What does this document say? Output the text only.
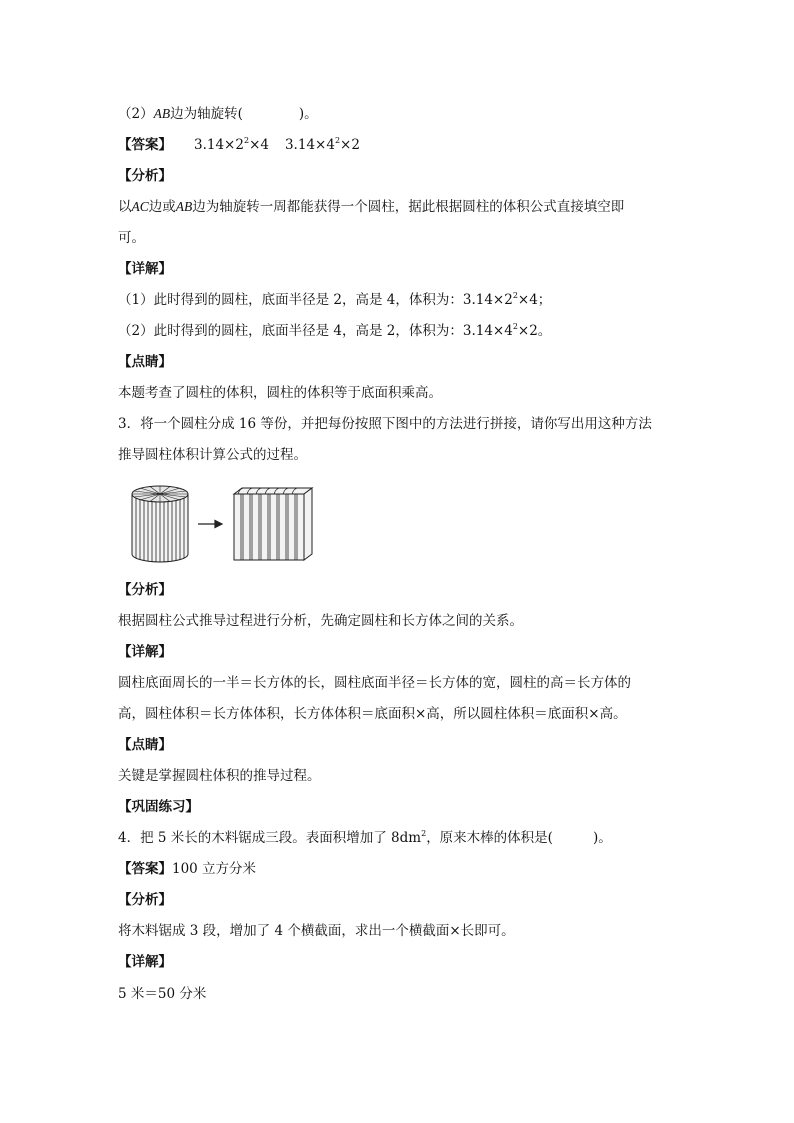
（2）AB边为轴旋转(	)。
【答案】 $3.14\times 2^2\times 4$ $3.14\times 4^2\times 2$
【分析】
以AC边或AB边为轴旋转一周都能获得一个圆柱，据此根据圆柱的体积公式直接填空即
可。
【详解】
（1）此时得到的圆柱，底面半径是 2，高是 4，体积为：$3.14\times 2^2\times 4$；
（2）此时得到的圆柱，底面半径是 4，高是 2，体积为：$3.14\times 4^2\times 2$。
【点睛】
本题考查了圆柱的体积，圆柱的体积等于底面积乘高。
3．将一个圆柱分成 16 等份，并把每份按照下图中的方法进行拼接，请你写出用这种方法
推导圆柱体积计算公式的过程。
【分析】
根据圆柱公式推导过程进行分析，先确定圆柱和长方体之间的关系。
【详解】
圆柱底面周长的一半＝长方体的长，圆柱底面半径＝长方体的宽，圆柱的高＝长方体的
高，圆柱体积＝长方体体积，长方体体积＝底面积×高，所以圆柱体积＝底面积×高。
【点睛】
关键是掌握圆柱体积的推导过程。
【巩固练习】
4．把 5 米长的木料锯成三段。表面积增加了 $8dm^2$，原来木棒的体积是(	)。
【答案】100 立方分米
【分析】
将木料锯成 3 段，增加了 4 个横截面，求出一个横截面×长即可。
【详解】
5 米＝50 分米
